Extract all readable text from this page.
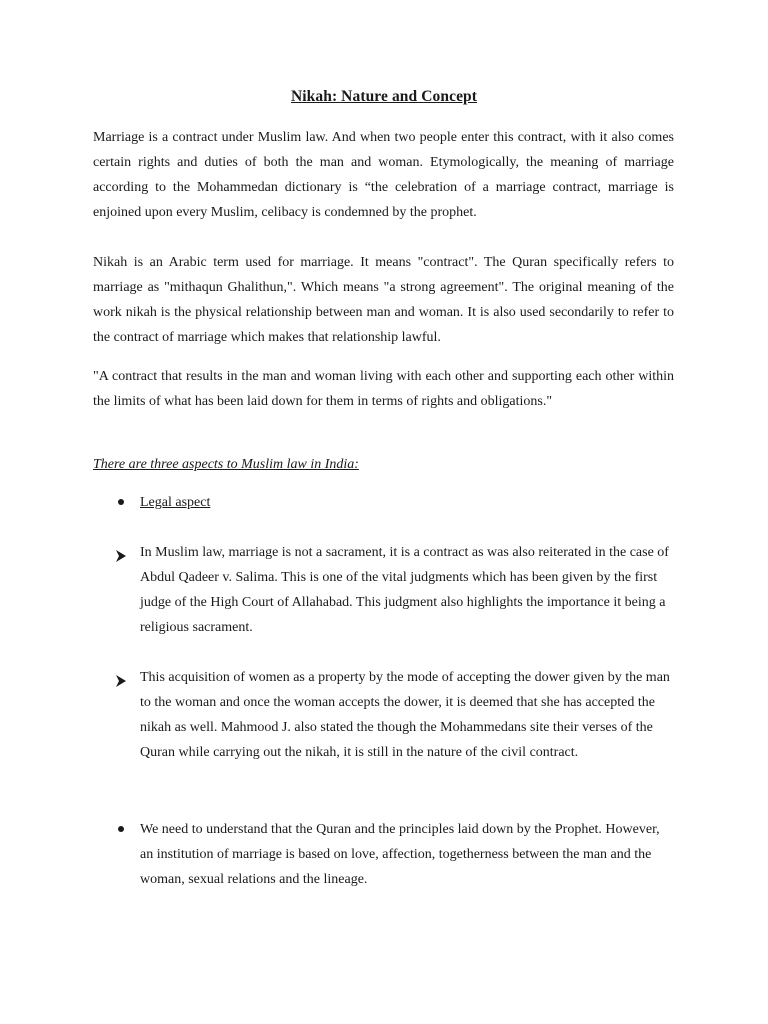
Nikah: Nature and Concept

Marriage is a contract under Muslim law. And when two people enter this contract, with it also comes certain rights and duties of both the man and woman. Etymologically, the meaning of marriage according to the Mohammedan dictionary is “the celebration of a marriage contract, marriage is enjoined upon every Muslim, celibacy is condemned by the prophet.

Nikah is an Arabic term used for marriage. It means "contract". The Quran specifically refers to marriage as "mithaqun Ghalithun,". Which means "a strong agreement". The original meaning of the work nikah is the physical relationship between man and woman. It is also used secondarily to refer to the contract of marriage which makes that relationship lawful.

"A contract that results in the man and woman living with each other and supporting each other within the limits of what has been laid down for them in terms of rights and obligations."

There are three aspects to Muslim law in India:

Legal aspect

In Muslim law, marriage is not a sacrament, it is a contract as was also reiterated in the case of Abdul Qadeer v. Salima. This is one of the vital judgments which has been given by the first judge of the High Court of Allahabad. This judgment also highlights the importance it being a religious sacrament.

This acquisition of women as a property by the mode of accepting the dower given by the man to the woman and once the woman accepts the dower, it is deemed that she has accepted the nikah as well. Mahmood J. also stated the though the Mohammedans site their verses of the Quran while carrying out the nikah, it is still in the nature of the civil contract.

We need to understand that the Quran and the principles laid down by the Prophet. However, an institution of marriage is based on love, affection, togetherness between the man and the woman, sexual relations and the lineage.
